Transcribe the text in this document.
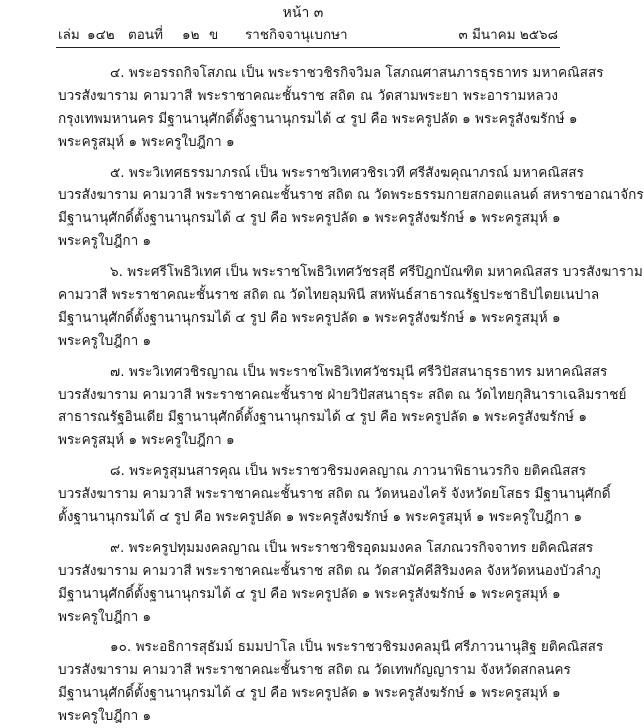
หน้า ๓
เล่ม ๑๔๒ ตอนที่ ๑๒ ข ราชกิจจานุเบกษา	๓ มีนาคม ๒๕๖๘
๔. พระอรรถกิจโสภณ เป็น พระราชวชิรกิจวิมล โสภณศาสนภารธุรธาทร มหาคณิสสร
บวรสังฆาราม คามวาสี พระราชาคณะชั้นราช สถิต ณ วัดสามพระยา พระอารามหลวง
กรุงเทพมหานคร มีฐานานุศักดิ์ตั้งฐานานุกรมได้ ๔ รูป คือ พระครูปลัด ๑ พระครูสังฆรักษ์ ๑
พระครูสมุห์ ๑ พระครูใบฎีกา ๑
๕. พระวิเทศธรรมาภรณ์ เป็น พระราชวิเทศวชิรเวที ศรีสังฆคุณาภรณ์ มหาคณิสสร
บวรสังฆาราม คามวาสี พระราชาคณะชั้นราช สถิต ณ วัดพระธรรมกายสกอตแลนด์ สหราชอาณาจักร
มีฐานานุศักดิ์ตั้งฐานานุกรมได้ ๔ รูป คือ พระครูปลัด ๑ พระครูสังฆรักษ์ ๑ พระครูสมุห์ ๑
พระครูใบฎีกา ๑
๖. พระศรีโพธิวิเทศ เป็น พระราชโพธิวิเทศวัชรสุธี ศรีปิฎกบัณฑิต มหาคณิสสร บวรสังฆาราม
คามวาสี พระราชาคณะชั้นราช สถิต ณ วัดไทยลุมพินี สหพันธ์สาธารณรัฐประชาธิปไตยเนปาล
มีฐานานุศักดิ์ตั้งฐานานุกรมได้ ๔ รูป คือ พระครูปลัด ๑ พระครูสังฆรักษ์ ๑ พระครูสมุห์ ๑
พระครูใบฎีกา ๑
๗. พระวิเทศวชิรญาณ เป็น พระราชโพธิวิเทศวัชรมุนี ศรีวิปัสสนาธุรธาทร มหาคณิสสร
บวรสังฆาราม คามวาสี พระราชาคณะชั้นราช ฝ่ายวิปัสสนาธุระ สถิต ณ วัดไทยกุสินาราเฉลิมราชย์
สาธารณรัฐอินเดีย มีฐานานุศักดิ์ตั้งฐานานุกรมได้ ๔ รูป คือ พระครูปลัด ๑ พระครูสังฆรักษ์ ๑
พระครูสมุห์ ๑ พระครูใบฎีกา ๑
๘. พระครูสุมนสารคุณ เป็น พระราชวชิรมงคลญาณ ภาวนาพิธานวรกิจ ยติคณิสสร
บวรสังฆาราม คามวาสี พระราชาคณะชั้นราช สถิต ณ วัดหนองไคร้ จังหวัดยโสธร มีฐานานุศักดิ์
ตั้งฐานานุกรมได้ ๔ รูป คือ พระครูปลัด ๑ พระครูสังฆรักษ์ ๑ พระครูสมุห์ ๑ พระครูใบฎีกา ๑
๙. พระครูปทุมมงคลญาณ เป็น พระราชวชิรอุดมมงคล โสภณวรกิจจาทร ยติคณิสสร
บวรสังฆาราม คามวาสี พระราชาคณะชั้นราช สถิต ณ วัดสามัคคีสิริมงคล จังหวัดหนองบัวลำภู
มีฐานานุศักดิ์ตั้งฐานานุกรมได้ ๔ รูป คือ พระครูปลัด ๑ พระครูสังฆรักษ์ ๑ พระครูสมุห์ ๑
พระครูใบฎีกา ๑
๑๐. พระอธิการสุธัมม์ ธมมปาโล เป็น พระราชวชิรมงคลมุนี ศรีภาวนานุสิฐ ยติคณิสสร
บวรสังฆาราม คามวาสี พระราชาคณะชั้นราช สถิต ณ วัดเทพกัญญาราม จังหวัดสกลนคร
มีฐานานุศักดิ์ตั้งฐานานุกรมได้ ๔ รูป คือ พระครูปลัด ๑ พระครูสังฆรักษ์ ๑ พระครูสมุห์ ๑
พระครูใบฎีกา ๑
